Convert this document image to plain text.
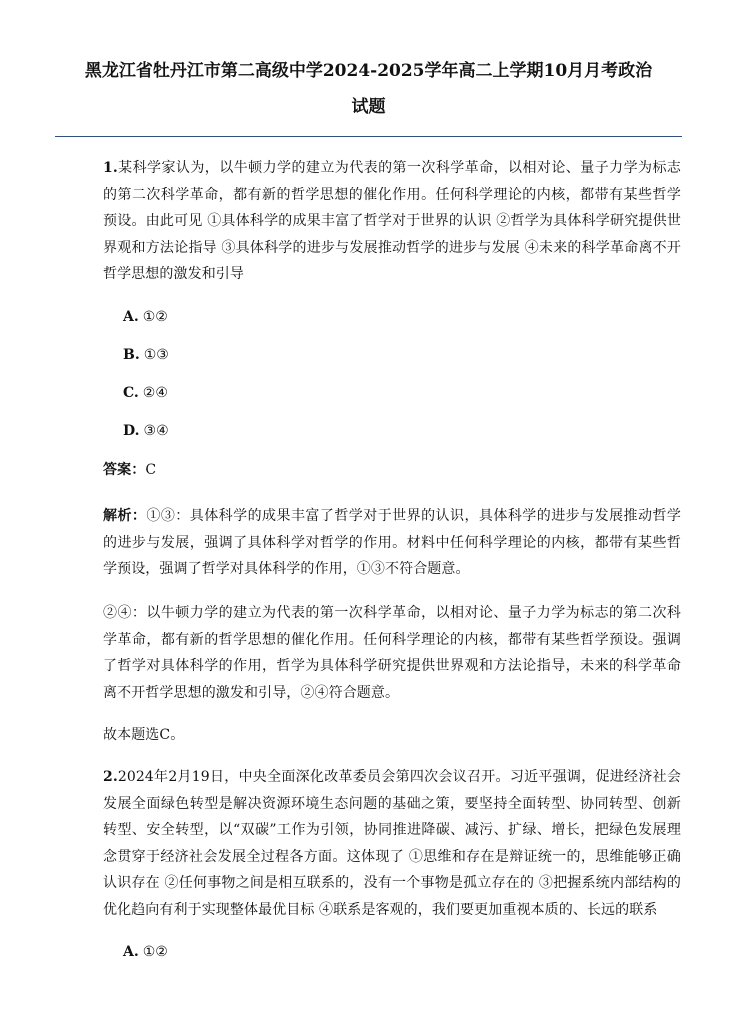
黑龙江省牡丹江市第二高级中学2024-2025学年高二上学期10月月考政治
试题
1.某科学家认为，以牛顿力学的建立为代表的第一次科学革命，以相对论、量子力学为标志的第二次科学革命，都有新的哲学思想的催化作用。任何科学理论的内核，都带有某些哲学预设。由此可见 ①具体科学的成果丰富了哲学对于世界的认识 ②哲学为具体科学研究提供世界观和方法论指导 ③具体科学的进步与发展推动哲学的进步与发展 ④未来的科学革命离不开哲学思想的激发和引导
A. ①②
B. ①③
C. ②④
D. ③④
答案：C
解析：①③：具体科学的成果丰富了哲学对于世界的认识，具体科学的进步与发展推动哲学的进步与发展，强调了具体科学对哲学的作用。材料中任何科学理论的内核，都带有某些哲学预设，强调了哲学对具体科学的作用，①③不符合题意。
②④：以牛顿力学的建立为代表的第一次科学革命，以相对论、量子力学为标志的第二次科学革命，都有新的哲学思想的催化作用。任何科学理论的内核，都带有某些哲学预设。强调了哲学对具体科学的作用，哲学为具体科学研究提供世界观和方法论指导，未来的科学革命离不开哲学思想的激发和引导，②④符合题意。
故本题选C。
2.2024年2月19日，中央全面深化改革委员会第四次会议召开。习近平强调，促进经济社会发展全面绿色转型是解决资源环境生态问题的基础之策，要坚持全面转型、协同转型、创新转型、安全转型，以“双碳”工作为引领，协同推进降碳、减污、扩绿、增长，把绿色发展理念贯穿于经济社会发展全过程各方面。这体现了 ①思维和存在是辩证统一的，思维能够正确认识存在 ②任何事物之间是相互联系的，没有一个事物是孤立存在的 ③把握系统内部结构的优化趋向有利于实现整体最优目标 ④联系是客观的，我们要更加重视本质的、长远的联系
A. ①②
